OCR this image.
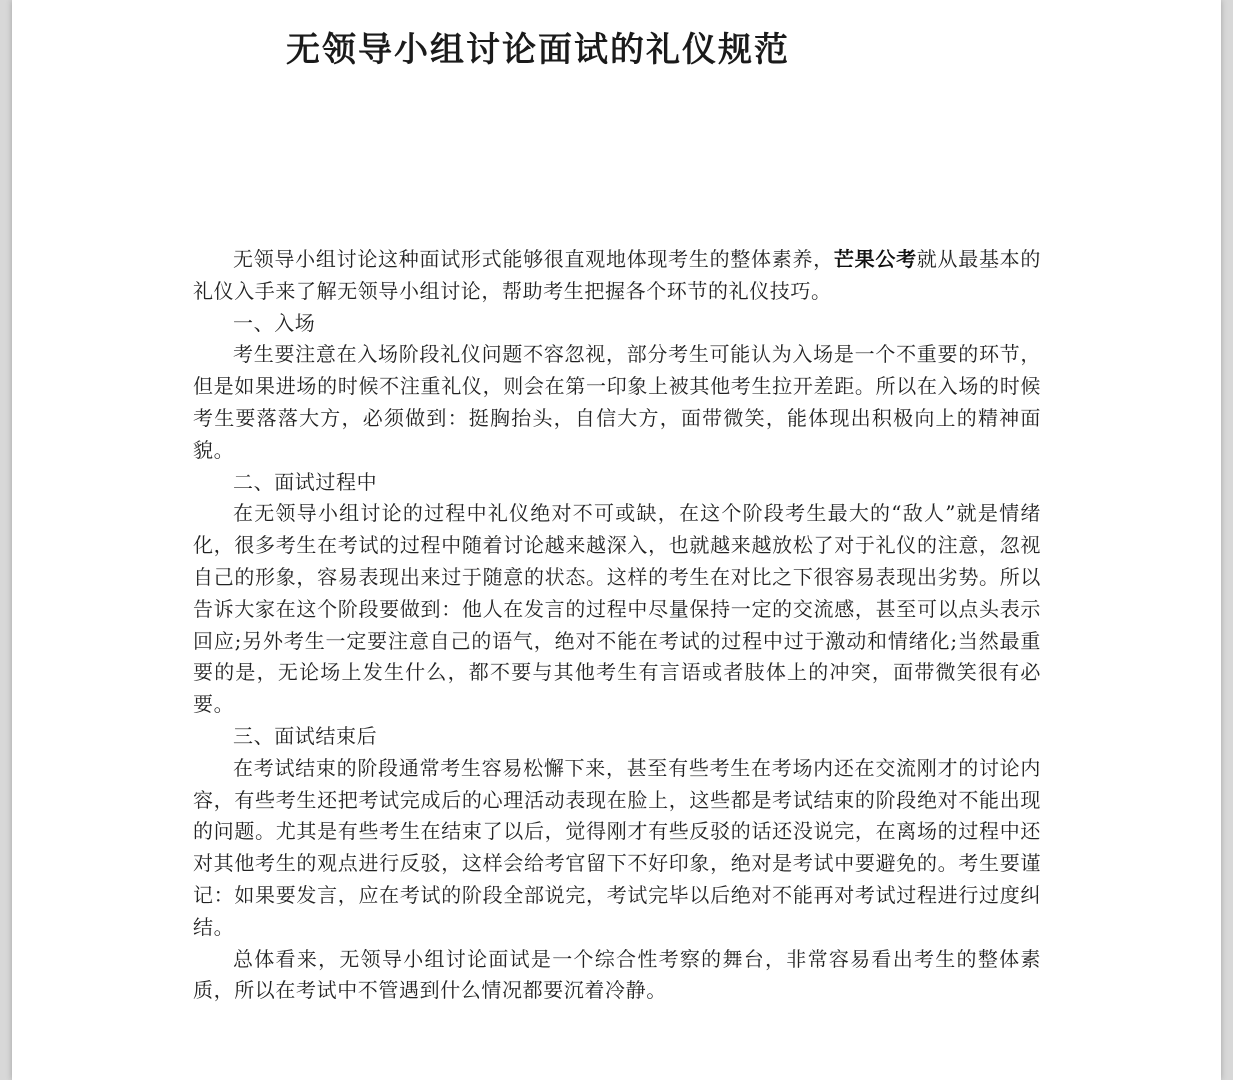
无领导小组讨论面试的礼仪规范

无领导小组讨论这种面试形式能够很直观地体现考生的整体素养，芒果公考就从最基本的礼仪入手来了解无领导小组讨论，帮助考生把握各个环节的礼仪技巧。

一、入场

考生要注意在入场阶段礼仪问题不容忽视，部分考生可能认为入场是一个不重要的环节，但是如果进场的时候不注重礼仪，则会在第一印象上被其他考生拉开差距。所以在入场的时候考生要落落大方，必须做到：挺胸抬头，自信大方，面带微笑，能体现出积极向上的精神面貌。

二、面试过程中

在无领导小组讨论的过程中礼仪绝对不可或缺，在这个阶段考生最大的“敌人”就是情绪化，很多考生在考试的过程中随着讨论越来越深入，也就越来越放松了对于礼仪的注意，忽视自己的形象，容易表现出来过于随意的状态。这样的考生在对比之下很容易表现出劣势。所以告诉大家在这个阶段要做到：他人在发言的过程中尽量保持一定的交流感，甚至可以点头表示回应;另外考生一定要注意自己的语气，绝对不能在考试的过程中过于激动和情绪化;当然最重要的是，无论场上发生什么，都不要与其他考生有言语或者肢体上的冲突，面带微笑很有必要。

三、面试结束后

在考试结束的阶段通常考生容易松懈下来，甚至有些考生在考场内还在交流刚才的讨论内容，有些考生还把考试完成后的心理活动表现在脸上，这些都是考试结束的阶段绝对不能出现的问题。尤其是有些考生在结束了以后，觉得刚才有些反驳的话还没说完，在离场的过程中还对其他考生的观点进行反驳，这样会给考官留下不好印象，绝对是考试中要避免的。考生要谨记：如果要发言，应在考试的阶段全部说完，考试完毕以后绝对不能再对考试过程进行过度纠结。

总体看来，无领导小组讨论面试是一个综合性考察的舞台，非常容易看出考生的整体素质，所以在考试中不管遇到什么情况都要沉着冷静。
